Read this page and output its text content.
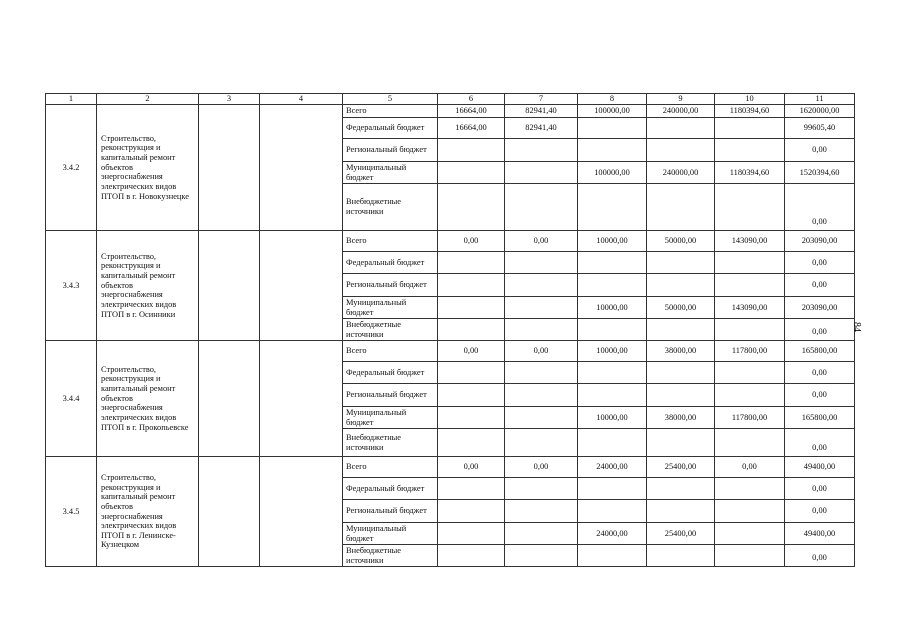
1	2	3	4	5	6	7	8	9	10	11
3.4.2	Строительство, реконструкция и капитальный ремонт объектов энергоснабжения электрических видов ПТОП в г. Новокузнецке			Всего	16664,00	82941,40	100000,00	240000,00	1180394,60	1620000,00
				Федеральный бюджет	16664,00	82941,40				99605,40
				Региональный бюджет						0,00
				Муниципальный бюджет			100000,00	240000,00	1180394,60	1520394,60
				Внебюджетные источники						0,00
3.4.3	Строительство, реконструкция и капитальный ремонт объектов энергоснабжения электрических видов ПТОП в г. Осинники			Всего	0,00	0,00	10000,00	50000,00	143090,00	203090,00
				Федеральный бюджет						0,00
				Региональный бюджет						0,00
				Муниципальный бюджет			10000,00	50000,00	143090,00	203090,00
				Внебюджетные источники						0,00
3.4.4	Строительство, реконструкция и капитальный ремонт объектов энергоснабжения электрических видов ПТОП в г. Прокопьевске			Всего	0,00	0,00	10000,00	38000,00	117800,00	165800,00
				Федеральный бюджет						0,00
				Региональный бюджет						0,00
				Муниципальный бюджет			10000,00	38000,00	117800,00	165800,00
				Внебюджетные источники						0,00
3.4.5	Строительство, реконструкция и капитальный ремонт объектов энергоснабжения электрических видов ПТОП в г. Ленинске-Кузнецком			Всего	0,00	0,00	24000,00	25400,00	0,00	49400,00
				Федеральный бюджет						0,00
				Региональный бюджет						0,00
				Муниципальный бюджет			24000,00	25400,00		49400,00
				Внебюджетные источники						0,00
84
